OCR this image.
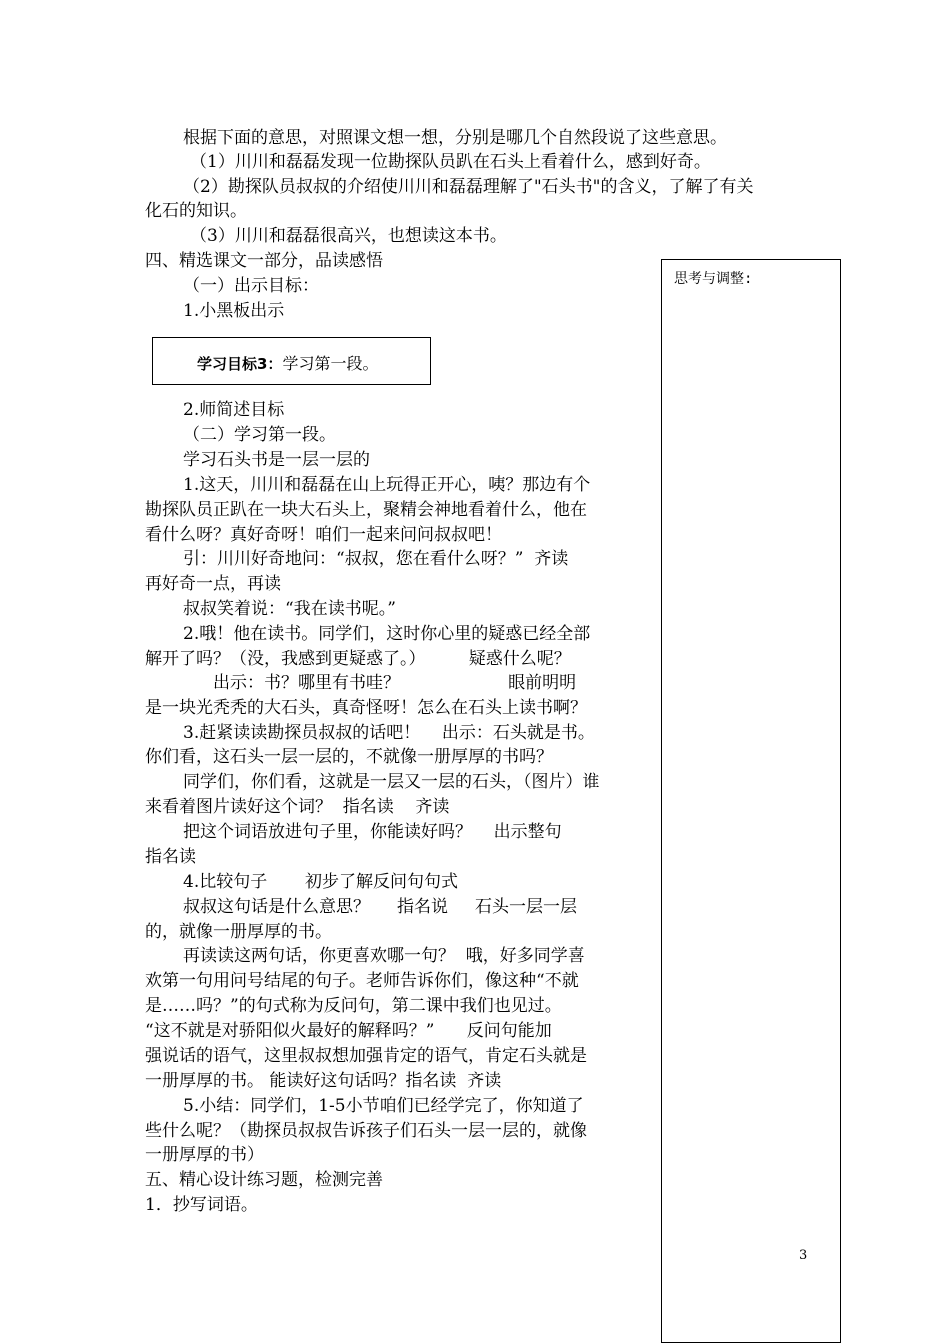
根据下面的意思，对照课文想一想，分别是哪几个自然段说了这些意思。
（1）川川和磊磊发现一位勘探队员趴在石头上看着什么，感到好奇。
（2）勘探队员叔叔的介绍使川川和磊磊理解了"石头书"的含义，了解了有关
化石的知识。
（3）川川和磊磊很高兴，也想读这本书。
四、精选课文一部分，品读感悟
（一）出示目标：
1.小黑板出示
学习目标3：学习第一段。
2.师简述目标
（二）学习第一段。
学习石头书是一层一层的
1.这天，川川和磊磊在山上玩得正开心，咦？那边有个
勘探队员正趴在一块大石头上，聚精会神地看着什么，他在
看什么呀？真好奇呀！咱们一起来问问叔叔吧！
引：川川好奇地问：“叔叔，您在看什么呀？”  齐读
再好奇一点，再读
叔叔笑着说：“我在读书呢。”
2.哦！他在读书。同学们，这时你心里的疑惑已经全部
解开了吗？（没，我感到更疑惑了。）        疑惑什么呢？
出示：书？哪里有书哇？                    眼前明明
是一块光秃秃的大石头，真奇怪呀！怎么在石头上读书啊？
3.赶紧读读勘探员叔叔的话吧！    出示：石头就是书。
你们看，这石头一层一层的，不就像一册厚厚的书吗？
同学们，你们看，这就是一层又一层的石头，（图片）谁
来看着图片读好这个词？  指名读    齐读
把这个词语放进句子里，你能读好吗？    出示整句
指名读
4.比较句子       初步了解反问句句式
叔叔这句话是什么意思？     指名说     石头一层一层
的，就像一册厚厚的书。
再读读这两句话，你更喜欢哪一句？  哦，好多同学喜
欢第一句用问号结尾的句子。老师告诉你们，像这种“不就
是……吗？”的句式称为反问句，第二课中我们也见过。
“这不就是对骄阳似火最好的解释吗？”      反问句能加
强说话的语气，这里叔叔想加强肯定的语气，肯定石头就是
一册厚厚的书。 能读好这句话吗？指名读  齐读
5.小结：同学们，1-5小节咱们已经学完了，你知道了
些什么呢？（勘探员叔叔告诉孩子们石头一层一层的，就像
一册厚厚的书）
五、精心设计练习题，检测完善
1．抄写词语。
思考与调整:
3
